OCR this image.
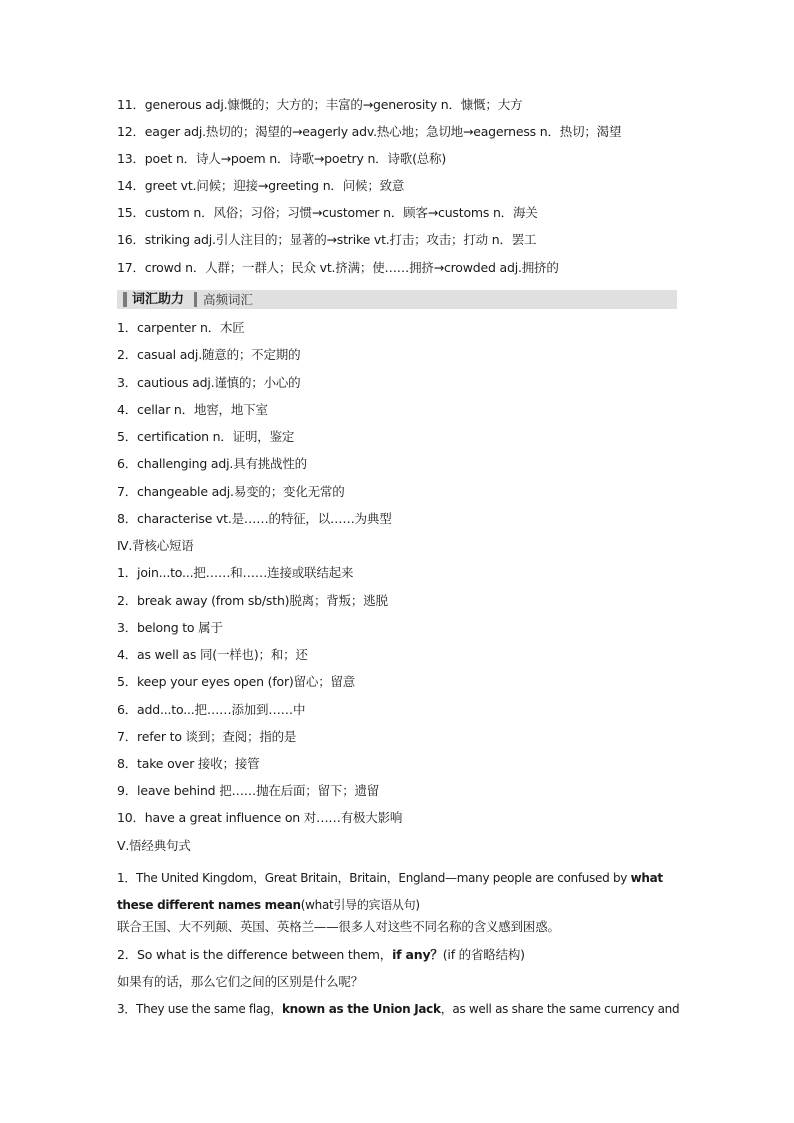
11．generous adj.慷慨的；大方的；丰富的→generosity n．慷慨；大方
12．eager adj.热切的；渴望的→eagerly adv.热心地；急切地→eagerness n．热切；渴望
13．poet n．诗人→poem n．诗歌→poetry n．诗歌(总称)
14．greet vt.问候；迎接→greeting n．问候；致意
15．custom n．风俗；习俗；习惯→customer n．顾客→customs n．海关
16．striking adj.引人注目的；显著的→strike vt.打击；攻击；打动 n．罢工
17．crowd n．人群；一群人；民众 vt.挤满；使……拥挤→crowded adj.拥挤的
词汇助力 高频词汇
1．carpenter n．木匠
2．casual adj.随意的；不定期的
3．cautious adj.谨慎的；小心的
4．cellar n．地窖，地下室
5．certification n．证明，鉴定
6．challenging adj.具有挑战性的
7．changeable adj.易变的；变化无常的
8．characterise vt.是……的特征，以……为典型
Ⅳ.背核心短语
1．join...to...把……和……连接或联结起来
2．break away (from sb/sth)脱离；背叛；逃脱
3．belong to 属于
4．as well as 同(一样也)；和；还
5．keep your eyes open (for)留心；留意
6．add...to...把……添加到……中
7．refer to 谈到；查阅；指的是
8．take over 接收；接管
9．leave behind 把……抛在后面；留下；遗留
10．have a great influence on 对……有极大影响
Ⅴ.悟经典句式
1．The United Kingdom，Great Britain，Britain，England—many people are confused by what these different names mean(what引导的宾语从句)
联合王国、大不列颠、英国、英格兰——很多人对这些不同名称的含义感到困惑。
2．So what is the difference between them，if any？(if 的省略结构)
如果有的话，那么它们之间的区别是什么呢？
3．They use the same flag，known as the Union Jack，as well as share the same currency and
